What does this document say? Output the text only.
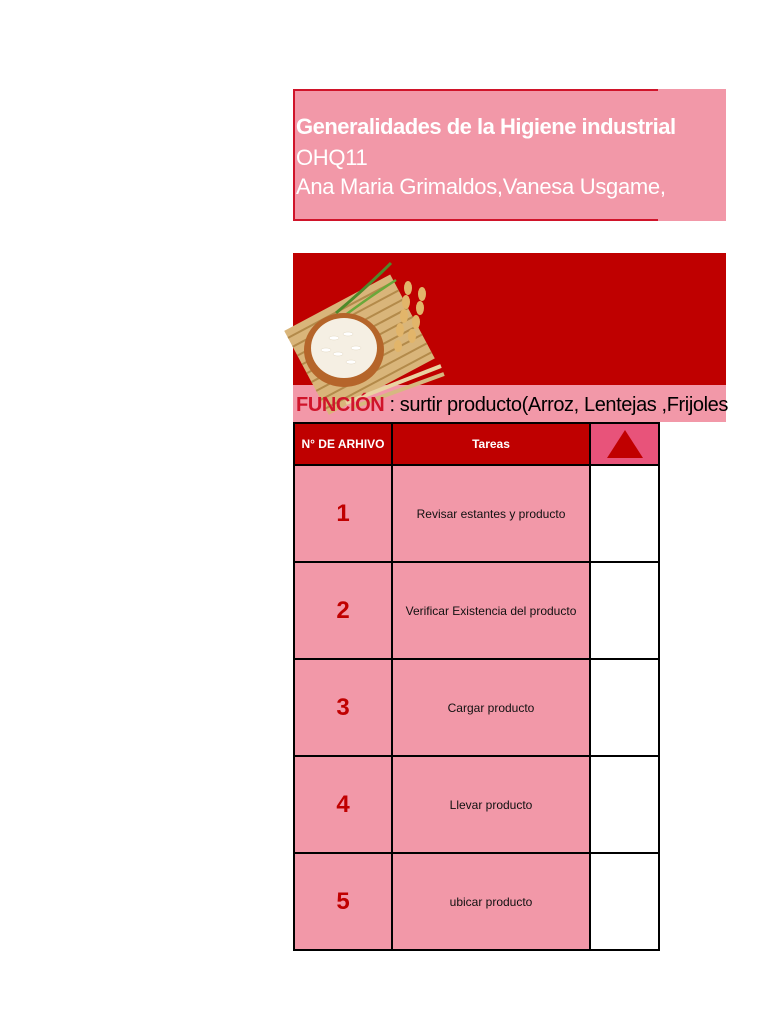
Generalidades de la Higiene industrial
OHQ11
Ana Maria Grimaldos,Vanesa Usgame,
FUNCIÓN : surtir producto(Arroz, Lentejas ,Frijoles
N° DE ARHIVO	Tareas	
1	Revisar estantes y producto	
2	Verificar Existencia del producto	
3	Cargar producto	
4	Llevar producto	
5	ubicar producto	
